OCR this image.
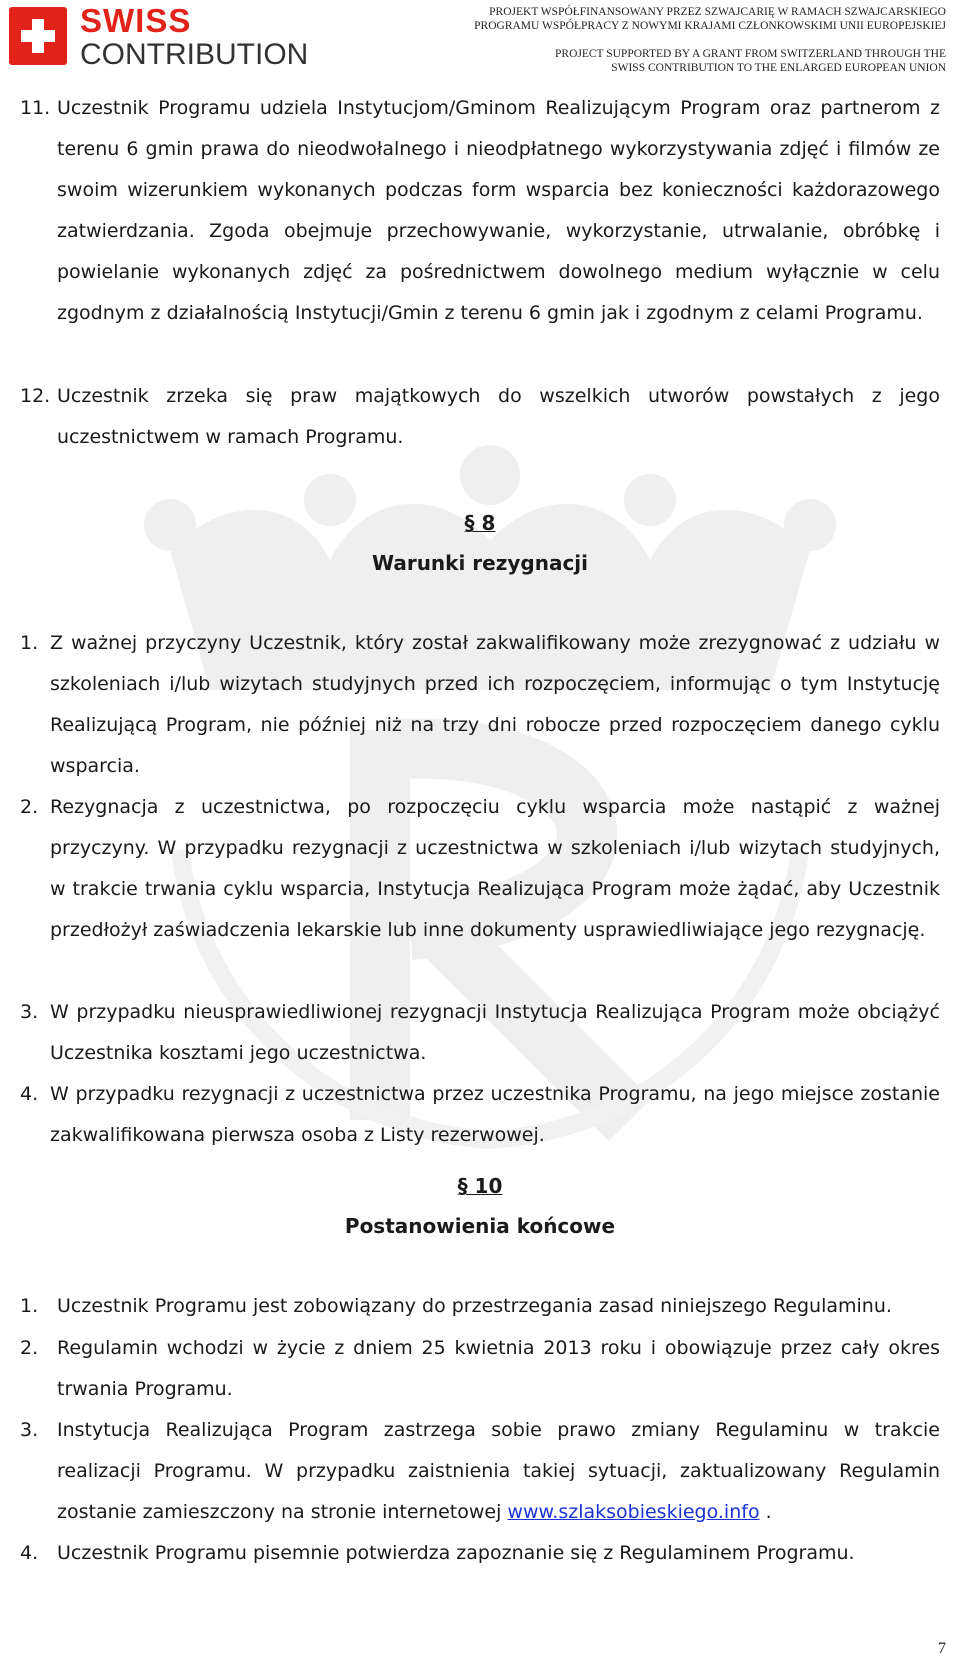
SWISS
CONTRIBUTION
PROJEKT WSPÓŁFINANSOWANY PRZEZ SZWAJCARIĘ W RAMACH SZWAJCARSKIEGO
PROGRAMU WSPÓŁPRACY Z NOWYMI KRAJAMI CZŁONKOWSKIMI UNII EUROPEJSKIEJ
PROJECT SUPPORTED BY A GRANT FROM SWITZERLAND THROUGH THE
SWISS CONTRIBUTION TO THE ENLARGED EUROPEAN UNION
11. Uczestnik Programu udziela Instytucjom/Gminom Realizującym Program oraz partnerom z terenu 6 gmin prawa do nieodwołalnego i nieodpłatnego wykorzystywania zdjęć i filmów ze swoim wizerunkiem wykonanych podczas form wsparcia bez konieczności każdorazowego zatwierdzania. Zgoda obejmuje przechowywanie, wykorzystanie, utrwalanie, obróbkę i powielanie wykonanych zdjęć za pośrednictwem dowolnego medium wyłącznie w celu zgodnym z działalnością Instytucji/Gmin z terenu 6 gmin jak i zgodnym z celami Programu.
12. Uczestnik zrzeka się praw majątkowych do wszelkich utworów powstałych z jego uczestnictwem w ramach Programu.
§ 8
Warunki rezygnacji
1. Z ważnej przyczyny Uczestnik, który został zakwalifikowany może zrezygnować z udziału w szkoleniach i/lub wizytach studyjnych przed ich rozpoczęciem, informując o tym Instytucję Realizującą Program, nie później niż na trzy dni robocze przed rozpoczęciem danego cyklu wsparcia.
2. Rezygnacja z uczestnictwa, po rozpoczęciu cyklu wsparcia może nastąpić z ważnej przyczyny. W przypadku rezygnacji z uczestnictwa w szkoleniach i/lub wizytach studyjnych, w trakcie trwania cyklu wsparcia, Instytucja Realizująca Program może żądać, aby Uczestnik przedłożył zaświadczenia lekarskie lub inne dokumenty usprawiedliwiające jego rezygnację.
3. W przypadku nieusprawiedliwionej rezygnacji Instytucja Realizująca Program może obciążyć Uczestnika kosztami jego uczestnictwa.
4. W przypadku rezygnacji z uczestnictwa przez uczestnika Programu, na jego miejsce zostanie zakwalifikowana pierwsza osoba z Listy rezerwowej.
§ 10
Postanowienia końcowe
1. Uczestnik Programu jest zobowiązany do przestrzegania zasad niniejszego Regulaminu.
2. Regulamin wchodzi w życie z dniem 25 kwietnia 2013 roku i obowiązuje przez cały okres trwania Programu.
3. Instytucja Realizująca Program zastrzega sobie prawo zmiany Regulaminu w trakcie realizacji Programu. W przypadku zaistnienia takiej sytuacji, zaktualizowany Regulamin zostanie zamieszczony na stronie internetowej www.szlaksobieskiego.info .
4. Uczestnik Programu pisemnie potwierdza zapoznanie się z Regulaminem Programu.
7
